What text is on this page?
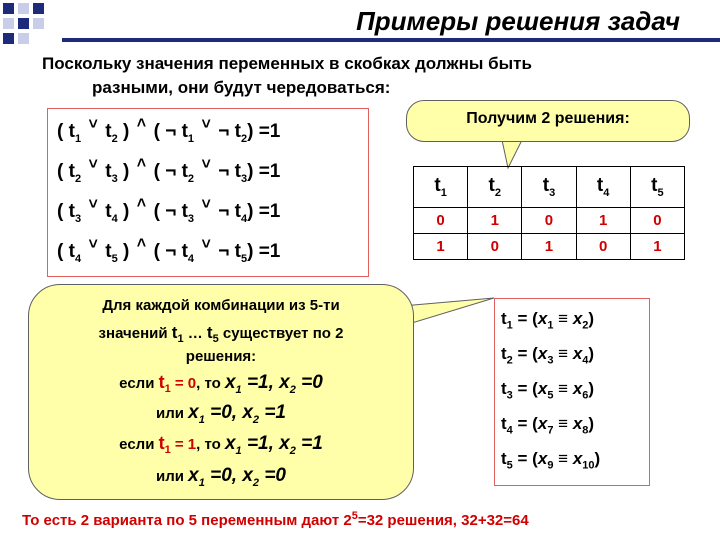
Примеры решения задач
Поскольку значения переменных в скобках должны быть
разными, они будут чередоваться:
( $t_1$ ˅ $t_2$ ) ˄ ( ¬ $t_1$ ˅ ¬ $t_2) =1$
( $t_2$ ˅ $t_3$ ) ˄ ( ¬ $t_2$ ˅ ¬ $t_3) =1$
( $t_3$ ˅ $t_4$ ) ˄ ( ¬ $t_3$ ˅ ¬ $t_4) =1$
( $t_4$ ˅ $t_5$ ) ˄ ( ¬ $t_4$ ˅ ¬ $t_5) =1$
Получим 2 решения:
$t_1$	$t_2$	$t_3$	$t_4$	$t_5$
0	1	0	1	0
1	0	1	0	1
Для каждой комбинации из 5-ти
значений $t_1$ … $t_5$ существует по 2
решения:
если $t_1 = 0$, то $x_1 =1$, $x_2 =0$
или $x_1 =0$, $x_2 =1$
если $t_1 = 1$, то $x_1 =1$, $x_2 =1$
или $x_1 =0$, $x_2 =0$
$t_1 = (x_1 \equiv x_2)$
$t_2 = (x_3 \equiv x_4)$
$t_3 = (x_5 \equiv x_6)$
$t_4 = (x_7 \equiv x_8)$
$t_5 = (x_9 \equiv x_{10})$
То есть 2 варианта по 5 переменным дают $2^5=32$ решения, 32+32=64
